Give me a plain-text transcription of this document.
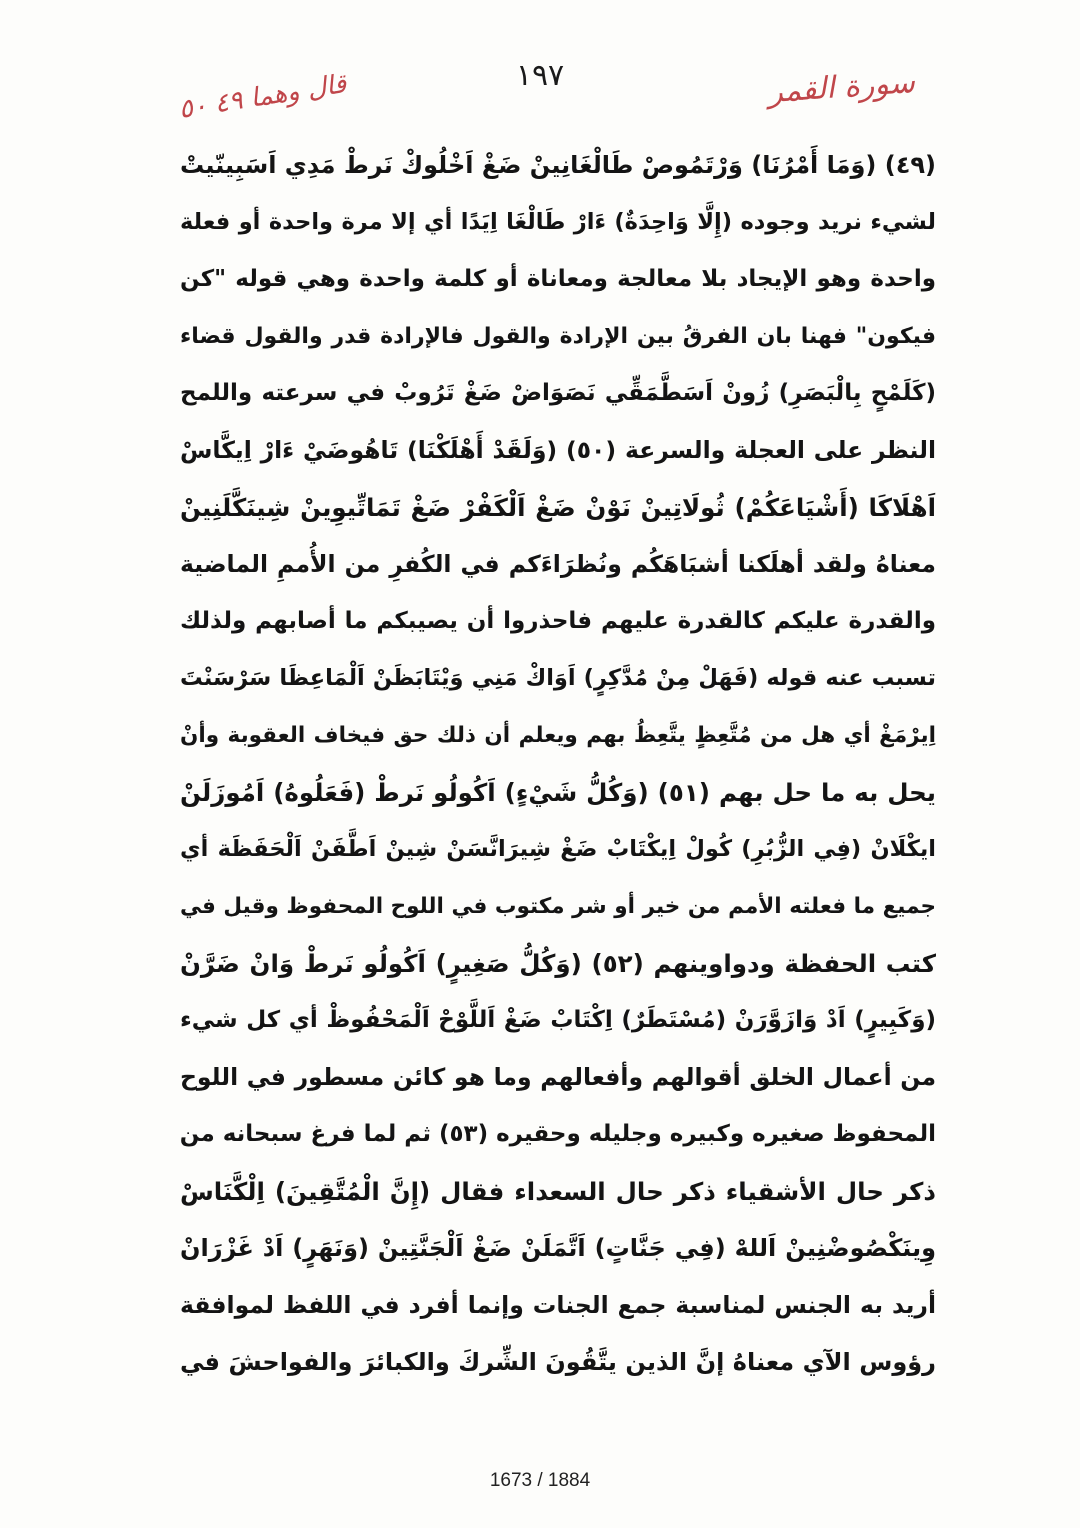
١٩٧	سورة القمر
قال وهما ٤٩ ٥٠
(٤٩) (وَمَا أَمْرُنَا) وَرْتَمُوصْ طَالْغَانِينْ ضَغْ اَخْلُوكْ نَرطْ مَدِي اَسَبِينّيتْ
لشيء نريد وجوده (إِلَّا وَاحِدَةٌ) ءَارْ طَالْغَا اِيَدًا أي إلا مرة واحدة أو فعلة
واحدة وهو الإيجاد بلا معالجة ومعاناة أو كلمة واحدة وهي قوله "كن
فيكون" فهنا بان الفرقُ بين الإرادة والقول فالإرادة قدر والقول قضاء
(كَلَمْحٍ بِالْبَصَرِ) زُونْ اَسَطَّمَقِّي نَصَوَاضْ ضَغْ تَرُوبْ في سرعته واللمح
النظر على العجلة والسرعة (٥٠) (وَلَقَدْ أَهْلَكْنَا) تَاهُوضَيْ ءَارْ اِيكَّاسْ
اَهْلَاكَا (أَشْيَاعَكُمْ) ثُولَاتِينْ نَوْنْ ضَغْ اَلْكَفْرْ ضَغْ تَمَاتِّيوِينْ شِينَكَّلَنِينْ
معناهُ ولقد أهلَكنا أشبَاهَكُم ونُظرَاءَكم في الكُفرِ من الأُممِ الماضية
والقدرة عليكم كالقدرة عليهم فاحذروا أن يصيبكم ما أصابهم ولذلك
تسبب عنه قوله (فَهَلْ مِنْ مُدَّكِرٍ) اَوَاكْ مَنِي وَيْتَابَظَنْ اَلْمَاعِظَا سَرْسَنْتَ
اِيرْمَغْ أي هل من مُتَّعِظٍ يتَّعِظُ بهم ويعلم أن ذلك حق فيخاف العقوبة وأنْ
يحل به ما حل بهم (٥١) (وَكُلُّ شَيْءٍ) اَكُولُو نَرطْ (فَعَلُوهُ) اَمُوزَلَنْ
ايكْلَانْ (فِي الزُّبُرِ) كُولْ اِيكْتَابْ ضَغْ شِيرَانَّسَنْ شِينْ اَطَّفَنْ اَلْحَفَظَة أي
جميع ما فعلته الأمم من خير أو شر مكتوب في اللوح المحفوظ وقيل في
كتب الحفظة ودواوينهم (٥٢) (وَكُلُّ صَغِيرٍ) اَكُولُو نَرطْ وَانْ ضَرَّنْ
(وَكَبِيرٍ) اَدْ وَازَوَّرَنْ (مُسْتَطَرٌ) اِكْتَابْ ضَغْ اَللَّوْحْ اَلْمَحْفُوظْ أي كل شيء
من أعمال الخلق أقوالهم وأفعالهم وما هو كائن مسطور في اللوح
المحفوظ صغيره وكبيره وجليله وحقيره (٥٣) ثم لما فرغ سبحانه من
ذكر حال الأشقياء ذكر حال السعداء فقال (إِنَّ الْمُتَّقِينَ) اِلْكَّنَاسْ
وِينَكْصُوضْنِينْ اَللهْ (فِي جَنَّاتٍ) اَتَّمَلَنْ ضَغْ اَلْجَنَّتِينْ (وَنَهَرٍ) اَدْ غَزْرَانْ
أريد به الجنس لمناسبة جمع الجنات وإنما أفرد في اللفظ لموافقة
رؤوس الآي معناهُ إنَّ الذين يتَّقُونَ الشِّركَ والكبائرَ والفواحشَ في
1673 / 1884
